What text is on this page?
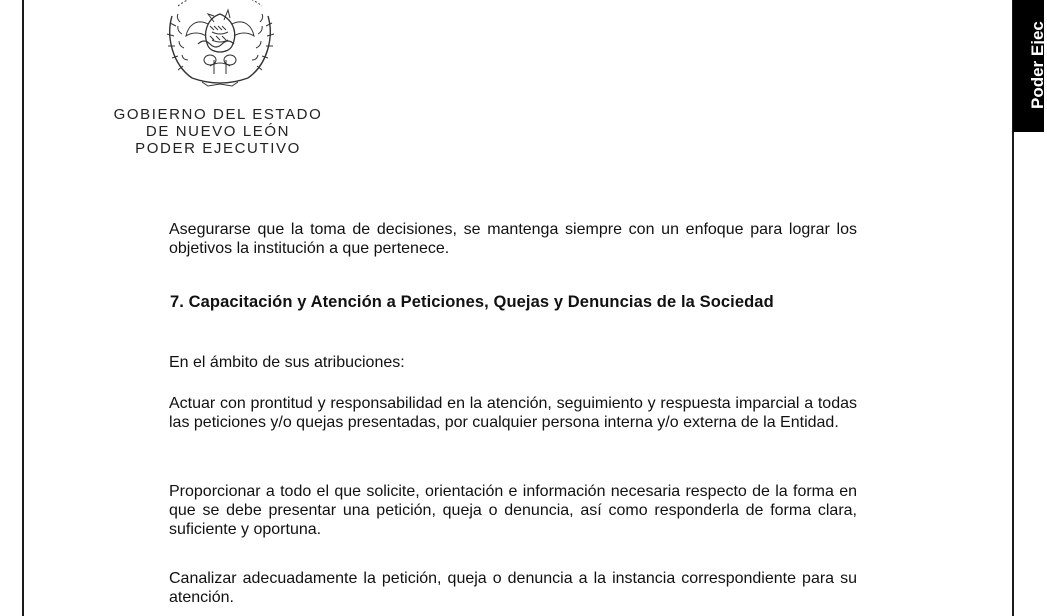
Poder Ejec
GOBIERNO DEL ESTADO
DE NUEVO LEÓN
PODER EJECUTIVO

Asegurarse que la toma de decisiones, se mantenga siempre con un enfoque para lograr los objetivos la institución a que pertenece.

7. Capacitación y Atención a Peticiones, Quejas y Denuncias de la Sociedad

En el ámbito de sus atribuciones:

Actuar con prontitud y responsabilidad en la atención, seguimiento y respuesta imparcial a todas las peticiones y/o quejas presentadas, por cualquier persona interna y/o externa de la Entidad.

Proporcionar a todo el que solicite, orientación e información necesaria respecto de la forma en que se debe presentar una petición, queja o denuncia, así como responderla de forma clara, suficiente y oportuna.

Canalizar adecuadamente la petición, queja o denuncia a la instancia correspondiente para su atención.
